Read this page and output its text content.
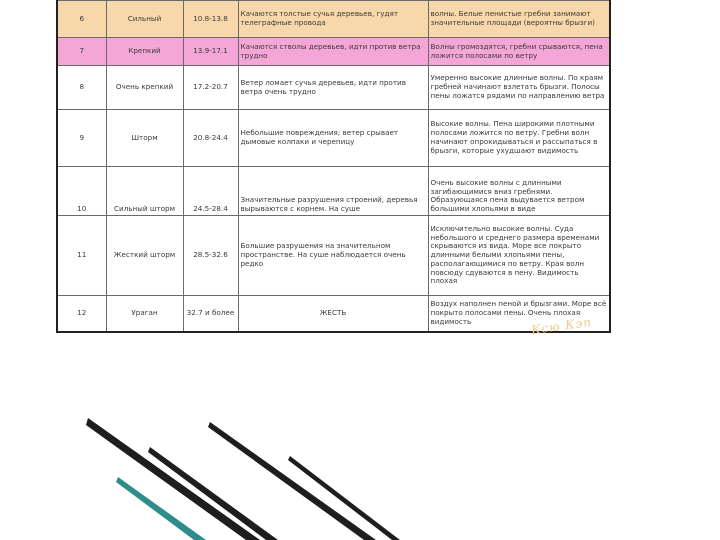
6	Сильный	10.8-13.8	Качаются толстые сучья деревьев, гудят телеграфные провода	волны. Белые пенистые гребни занимают значительные площади (вероятны брызги)
7	Крепкий	13.9-17.1	Качаются стволы деревьев, идти против ветра трудно	Волны громоздятся, гребни срываются, пена ложится полосами по ветру
8	Очень крепкий	17.2-20.7	Ветер ломает сучья деревьев, идти против ветра очень трудно	Умеренно высокие длинные волны. По краям гребней начинают взлетать брызги. Полосы пены ложатся рядами по направлению ветра
9	Шторм	20.8-24.4	Небольшие повреждения; ветер срывает дымовые колпаки и черепицу	Высокие волны. Пена широкими плотными полосами ложится по ветру. Гребни волн начинают опрокидываться и рассыпаться в брызги, которые ухудшают видимость
10	Сильный шторм	24.5-28.4	Значительные разрушения строений, деревья вырываются с корнем. На суше	Очень высокие волны с длинными загибающимися вниз гребнями. Образующаяся пена выдувается ветром большими хлопьями в виде
11	Жесткий шторм	28.5-32.6	Большие разрушения на значительном пространстве. На суше наблюдается очень редко	Исключительно высокие волны. Суда небольшого и среднего размера временами скрываются из вида. Море все покрыто длинными белыми хлопьями пены, располагающимися по ветру. Края волн повсюду сдуваются в пену. Видимость плохая
12	Ураган	32.7 и более	ЖЕСТЬ	Воздух наполнен пеной и брызгами. Море всё покрыто полосами пены. Очень плохая видимость	Ксю Кэп
